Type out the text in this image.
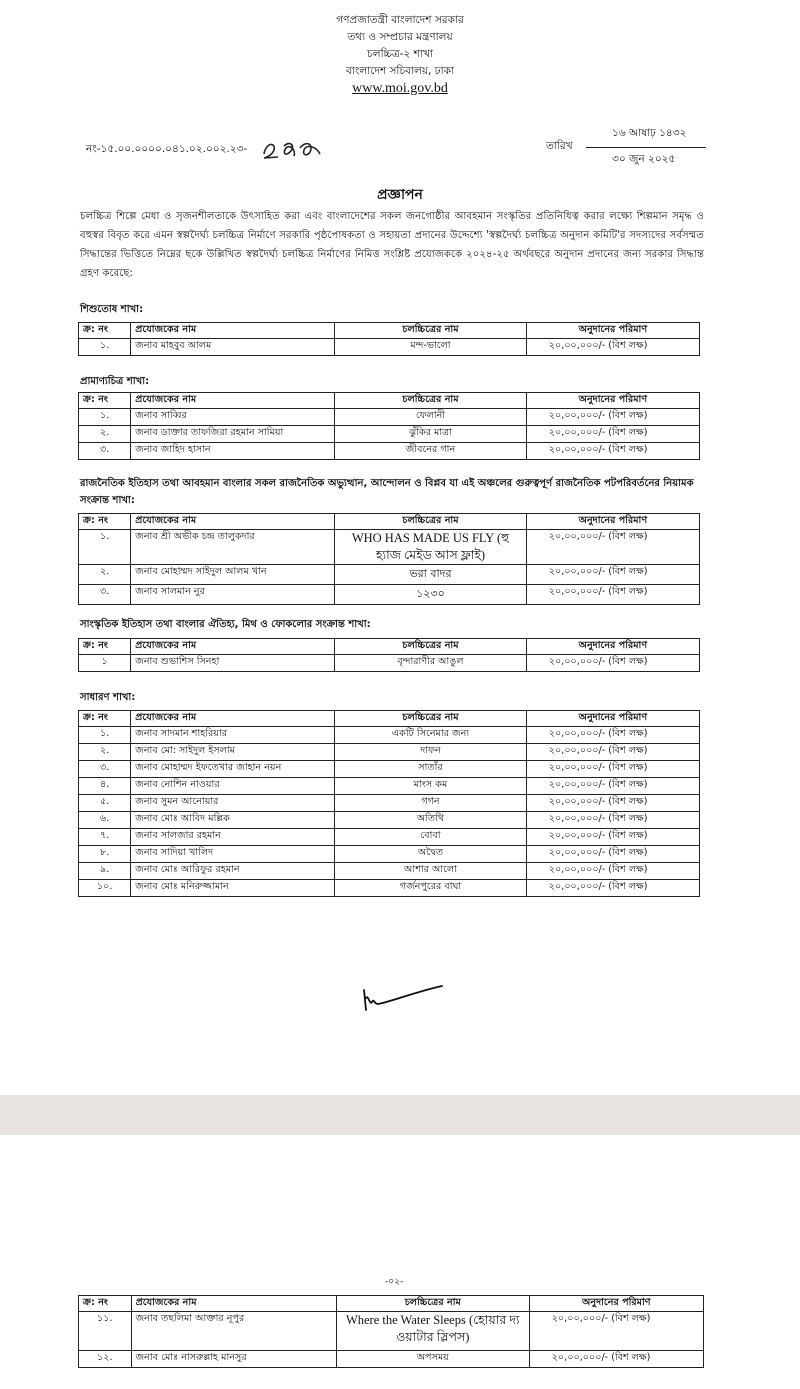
গণপ্রজাতন্ত্রী বাংলাদেশ সরকার
তথ্য ও সম্প্রচার মন্ত্রণালয়
চলচ্চিত্র-২ শাখা
বাংলাদেশ সচিবালয়, ঢাকা
www.moi.gov.bd
নং-১৫.০০.০০০০.০৪১.০২.০০২.২৩-
১৬ আষাঢ় ১৪৩২
তারিখ
৩০ জুন ২০২৫
প্রজ্ঞাপন
চলচ্চিত্র শিল্পে মেধা ও সৃজনশীলতাকে উৎসাহিত করা এবং বাংলাদেশের সকল জনগোষ্ঠীর আবহমান সংস্কৃতির প্রতিনিধিত্ব করার লক্ষ্যে শিল্পমান সমৃদ্ধ ও বহুস্বর বিবৃত করে এমন স্বল্পদৈর্ঘ্য চলচ্চিত্র নির্মাণে সরকারি পৃষ্ঠপোষকতা ও সহায়তা প্রদানের উদ্দেশ্যে 'স্বল্পদৈর্ঘ্য চলচ্চিত্র অনুদান কমিটি'র সদস্যদের সর্বসম্মত সিদ্ধান্তের ভিত্তিতে নিম্নের ছকে উল্লিখিত স্বল্পদৈর্ঘ্য চলচ্চিত্র নির্মাণের নিমিত্ত সংশ্লিষ্ট প্রযোজককে ২০২৪-২৫ অর্থবছরে অনুদান প্রদানের জন্য সরকার সিদ্ধান্ত গ্রহণ করেছে:
শিশুতোষ শাখা:
ক্র: নং	প্রযোজকের নাম	চলচ্চিত্রের নাম	অনুদানের পরিমাণ
১.	জনাব মাহবুব আলম	মন্দ-ভালো	২০,০০,০০০/- (বিশ লক্ষ)
প্রামাণ্যচিত্র শাখা:
ক্র: নং	প্রযোজকের নাম	চলচ্চিত্রের নাম	অনুদানের পরিমাণ
১.	জনাব সাব্বির	ফেলানী	২০,০০,০০০/- (বিশ লক্ষ)
২.	জনাব ডাক্তার তাফজিরা রহমান সামিয়া	ঝুঁকির মাত্রা	২০,০০,০০০/- (বিশ লক্ষ)
৩.	জনাব জাহিদ হাসান	জীবনের গান	২০,০০,০০০/- (বিশ লক্ষ)
রাজনৈতিক ইতিহাস তথা আবহমান বাংলার সকল রাজনৈতিক অভ্যুত্থান, আন্দোলন ও বিপ্লব যা এই অঞ্চলের গুরুত্বপূর্ণ রাজনৈতিক পটপরিবর্তনের নিয়ামক
সংক্রান্ত শাখা:
ক্র: নং	প্রযোজকের নাম	চলচ্চিত্রের নাম	অনুদানের পরিমাণ
১.	জনাব শ্রী অভীক চন্দ্র তালুকদার	WHO HAS MADE US FLY (হু হ্যাজ মেইড আস ফ্লাই)	২০,০০,০০০/- (বিশ লক্ষ)
২.	জনাব মোহাম্মদ সাইদুল আলম খান	ভরা বাদর	২০,০০,০০০/- (বিশ লক্ষ)
৩.	জনাব সালমান নুর	১২৩০	২০,০০,০০০/- (বিশ লক্ষ)
সাংস্কৃতিক ইতিহাস তথা বাংলার ঐতিহ্য, মিথ ও ফোকলোর সংক্রান্ত শাখা:
ক্র: নং	প্রযোজকের নাম	চলচ্চিত্রের নাম	অনুদানের পরিমাণ
১	জনাব শুভাশিস সিনহা	বৃন্দারাণীর আঙুল	২০,০০,০০০/- (বিশ লক্ষ)
সাধারণ শাখা:
ক্র: নং	প্রযোজকের নাম	চলচ্চিত্রের নাম	অনুদানের পরিমাণ
১.	জনাব সাদমান শাহরিয়ার	একটি সিনেমার জন্য	২০,০০,০০০/- (বিশ লক্ষ)
২.	জনাব মো: সাইদুল ইসলাম	দাফন	২০,০০,০০০/- (বিশ লক্ষ)
৩.	জনাব মোহাম্মদ ইফতেখার জাহান নয়ন	সাতাঁর	২০,০০,০০০/- (বিশ লক্ষ)
৪.	জনাব নোশিন নাওয়ার	মাংস কম	২০,০০,০০০/- (বিশ লক্ষ)
৫.	জনাব সুমন আনোয়ার	গগন	২০,০০,০০০/- (বিশ লক্ষ)
৬.	জনাব মোঃ আবিদ মল্লিক	অতিথি	২০,০০,০০০/- (বিশ লক্ষ)
৭.	জনাব সালজার রহমান	বোবা	২০,০০,০০০/- (বিশ লক্ষ)
৮.	জনাব সাদিয়া খালিদ	অদ্বৈত	২০,০০,০০০/- (বিশ লক্ষ)
৯.	জনাব মোঃ আরিফুর রহমান	আশার আলো	২০,০০,০০০/- (বিশ লক্ষ)
১০.	জনাব মোঃ মনিরুজ্জামান	গর্জনপুরের বাঘা	২০,০০,০০০/- (বিশ লক্ষ)
-০২-
ক্র: নং	প্রযোজকের নাম	চলচ্চিত্রের নাম	অনুদানের পরিমাণ
১১.	জনাব তছলিমা আক্তার নূপুর	Where the Water Sleeps (হোয়ার দ্য ওয়াটার স্লিপস)	২০,০০,০০০/- (বিশ লক্ষ)
১২.	জনাব মোঃ নাসরুল্লাহ মানসুর	অপসময়	২০,০০,০০০/- (বিশ লক্ষ)
